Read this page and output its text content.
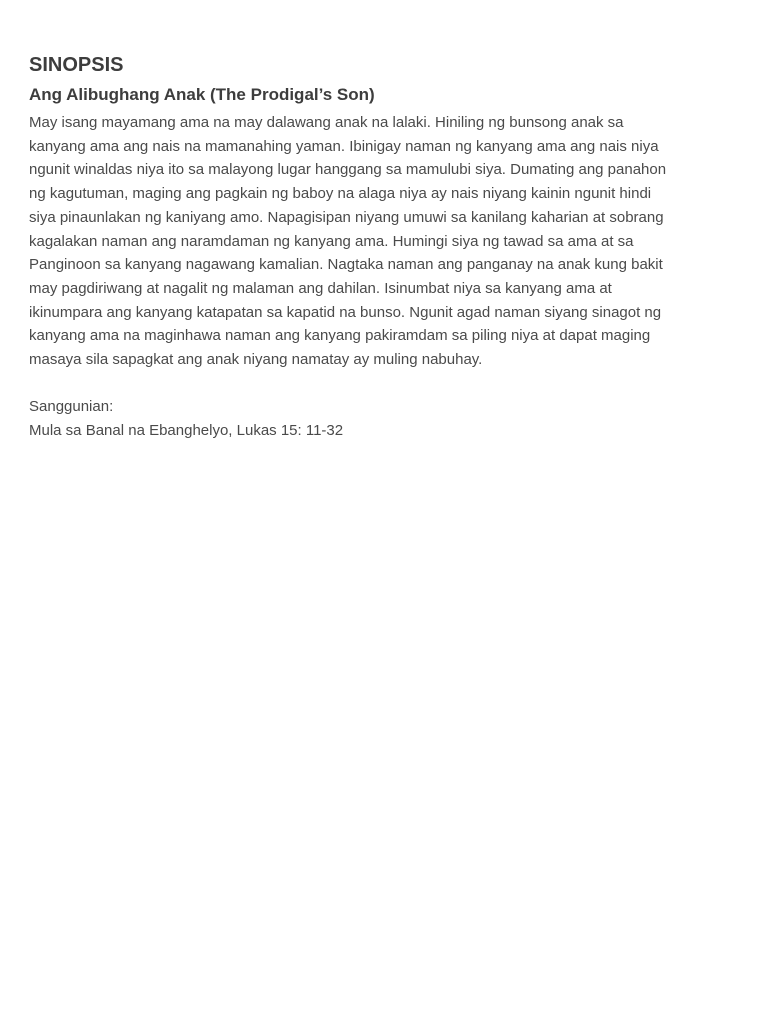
SINOPSIS
Ang Alibughang Anak (The Prodigal’s Son)

May isang mayamang ama na may dalawang anak na lalaki. Hiniling ng bunsong anak sa
kanyang ama ang nais na mamanahing yaman. Ibinigay naman ng kanyang ama ang nais niya
ngunit winaldas niya ito sa malayong lugar hanggang sa mamulubi siya. Dumating ang panahon
ng kagutuman, maging ang pagkain ng baboy na alaga niya ay nais niyang kainin ngunit hindi
siya pinaunlakan ng kaniyang amo. Napagisipan niyang umuwi sa kanilang kaharian at sobrang
kagalakan naman ang naramdaman ng kanyang ama. Humingi siya ng tawad sa ama at sa
Panginoon sa kanyang nagawang kamalian. Nagtaka naman ang panganay na anak kung bakit
may pagdiriwang at nagalit ng malaman ang dahilan. Isinumbat niya sa kanyang ama at
ikinumpara ang kanyang katapatan sa kapatid na bunso. Ngunit agad naman siyang sinagot ng
kanyang ama na maginhawa naman ang kanyang pakiramdam sa piling niya at dapat maging
masaya sila sapagkat ang anak niyang namatay ay muling nabuhay.

Sanggunian:
Mula sa Banal na Ebanghelyo, Lukas 15: 11-32
